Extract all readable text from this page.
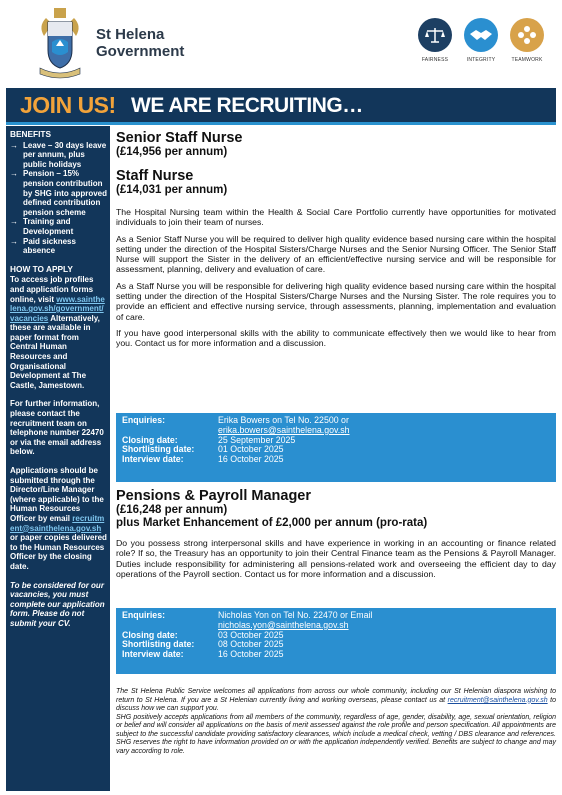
St Helena
Government	FAIRNESS	INTEGRITY	TEAMWORK
JOIN US! WE ARE RECRUITING…
BENEFITS
→ Leave – 30 days leave per annum, plus public holidays
→ Pension – 15% pension contribution by SHG into approved defined contribution pension scheme
→ Training and Development
→ Paid sickness absence
HOW TO APPLY

To access job profiles and application forms online, visit www.sainthelena.gov.sh/government/vacancies Alternatively, these are available in paper format from Central Human Resources and Organisational Development at The Castle, Jamestown.

For further information, please contact the recruitment team on telephone number 22470 or via the email address below.

Applications should be submitted through the Director/Line Manager (where applicable) to the Human Resources Officer by email recruitment@sainthelena.gov.sh or paper copies delivered to the Human Resources Officer by the closing date.

To be considered for our vacancies, you must complete our application form. Please do not submit your CV.

Senior Staff Nurse
(£14,956 per annum)
Staff Nurse
(£14,031 per annum)

The Hospital Nursing team within the Health & Social Care Portfolio currently have opportunities for motivated individuals to join their team of nurses.

As a Senior Staff Nurse you will be required to deliver high quality evidence based nursing care within the hospital setting under the direction of the Hospital Sisters/Charge Nurses and the Senior Nursing Officer. The Senior Staff Nurse will support the Sister in the delivery of an efficient/effective nursing service and will be responsible for assessment, planning, delivery and evaluation of care.

As a Staff Nurse you will be responsible for delivering high quality evidence based nursing care within the hospital setting under the direction of the Hospital Sisters/Charge Nurses and the Nursing Sister. The role requires you to provide an efficient and effective nursing service, through assessments, planning, implementation and evaluation of care.

If you have good interpersonal skills with the ability to communicate effectively then we would like to hear from you. Contact us for more information and a discussion.

Enquiries:	Erika Bowers on Tel No. 22500 or
erika.bowers@sainthelena.gov.sh
Closing date:	25 September 2025
Shortlisting date:	01 October 2025
Interview date:	16 October 2025
Pensions & Payroll Manager
(£16,248 per annum)
plus Market Enhancement of £2,000 per annum (pro-rata)

Do you possess strong interpersonal skills and have experience in working in an accounting or finance related role? If so, the Treasury has an opportunity to join their Central Finance team as the Pensions & Payroll Manager. Duties include responsibility for administering all pensions-related work and overseeing the efficient day to day operations of the Payroll section. Contact us for more information and a discussion.

Enquiries:	Nicholas Yon on Tel No. 22470 or Email
nicholas.yon@sainthelena.gov.sh
Closing date:	03 October 2025
Shortlisting date:	08 October 2025
Interview date:	16 October 2025

The St Helena Public Service welcomes all applications from across our whole community, including our St Helenian diaspora wishing to return to St Helena. If you are a St Helenian currently living and working overseas, please contact us at recruitment@sainthelena.gov.sh to discuss how we can support you.

SHG positively accepts applications from all members of the community, regardless of age, gender, disability, age, sexual orientation, religion or belief and will consider all applications on the basis of merit assessed against the role profile and person specification. All appointments are subject to the successful candidate providing satisfactory clearances, which include a medical check, vetting / DBS clearance and references. SHG reserves the right to have information provided on or with the application independently verified. Benefits are subject to change and may vary according to role.
